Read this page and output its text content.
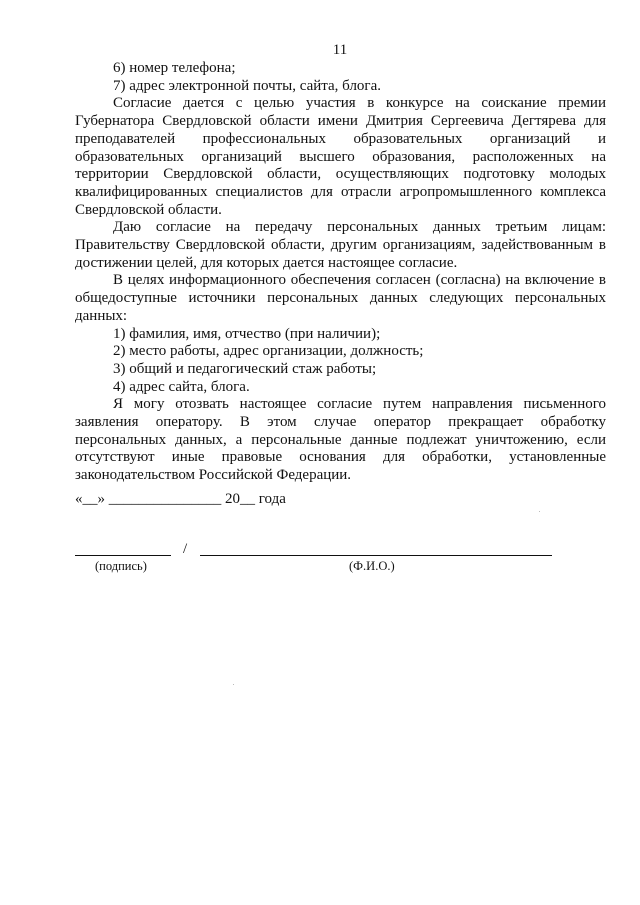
11

6) номер телефона;

7) адрес электронной почты, сайта, блога.

Согласие дается с целью участия в конкурсе на соискание премии Губернатора Свердловской области имени Дмитрия Сергеевича Дегтярева для преподавателей профессиональных образовательных организаций и образовательных организаций высшего образования, расположенных на территории Свердловской области, осуществляющих подготовку молодых квалифицированных специалистов для отрасли агропромышленного комплекса Свердловской области.

Даю согласие на передачу персональных данных третьим лицам: Правительству Свердловской области, другим организациям, задействованным в достижении целей, для которых дается настоящее согласие.

В целях информационного обеспечения согласен (согласна) на включение в общедоступные источники персональных данных следующих персональных данных:

1) фамилия, имя, отчество (при наличии);

2) место работы, адрес организации, должность;

3) общий и педагогический стаж работы;

4) адрес сайта, блога.

Я могу отозвать настоящее согласие путем направления письменного заявления оператору. В этом случае оператор прекращает обработку персональных данных, а персональные данные подлежат уничтожению, если отсутствуют иные правовые основания для обработки, установленные законодательством Российской Федерации.

«__» _______________ 20__ года
/
(подпись)	(Ф.И.О.)
